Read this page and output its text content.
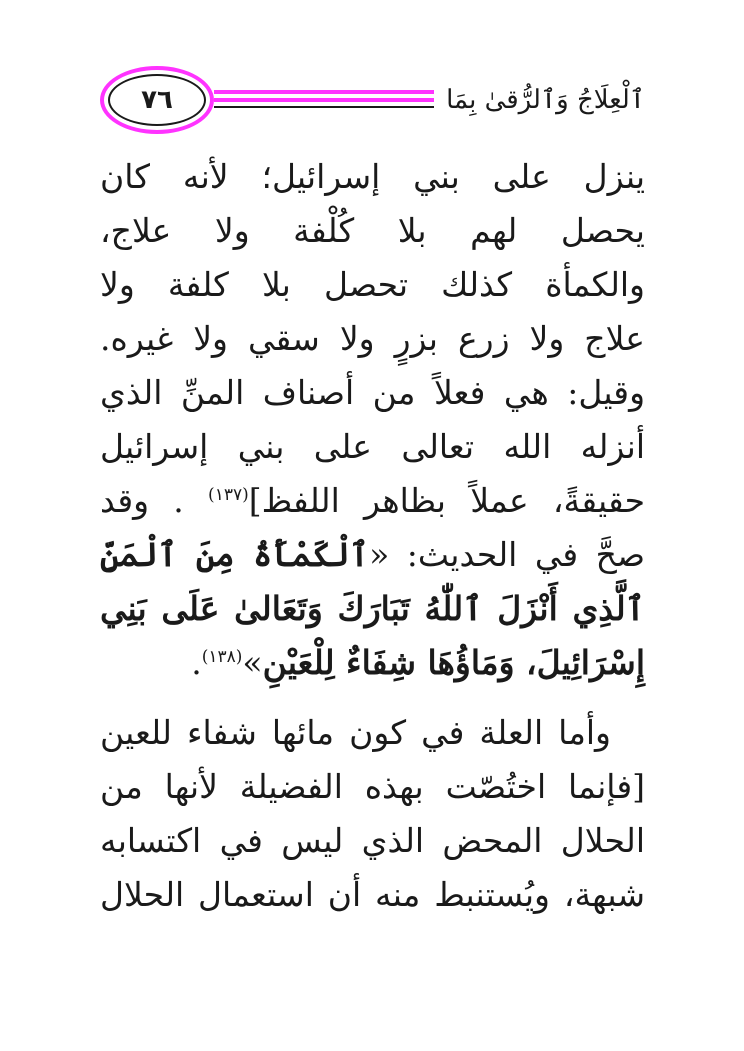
٧٦	ٱلْعِلَاجُ وَٱلرُّقىٰ بِمَا
ينزل على بني إسرائيل؛ لأنه كان
يحصل لهم بلا كُلْفة ولا علاج،
والكمأة كذلك تحصل بلا كلفة ولا
علاج ولا زرع بزرٍ ولا سقي ولا غيره.
وقيل: هي فعلاً من أصناف المنِّ الذي
أنزله الله تعالى على بني إسرائيل
حقيقةً، عملاً بظاهر اللفظ]$^{(١٣٧)}$ . وقد
صحَّ في الحديث: «ٱلْكَمْأَةُ مِنَ ٱلْمَنِّ
ٱلَّذِي أَنْزَلَ ٱللّٰهُ تَبَارَكَ وَتَعَالىٰ عَلَى بَنِي
إِسْرَائِيلَ، وَمَاؤُهَا شِفَاءٌ لِلْعَيْنِ»$^{(١٣٨)}$.
وأما العلة في كون مائها شفاء للعين
[فإنما اختُصّت بهذه الفضيلة لأنها من
الحلال المحض الذي ليس في اكتسابه
شبهة، ويُستنبط منه أن استعمال الحلال
